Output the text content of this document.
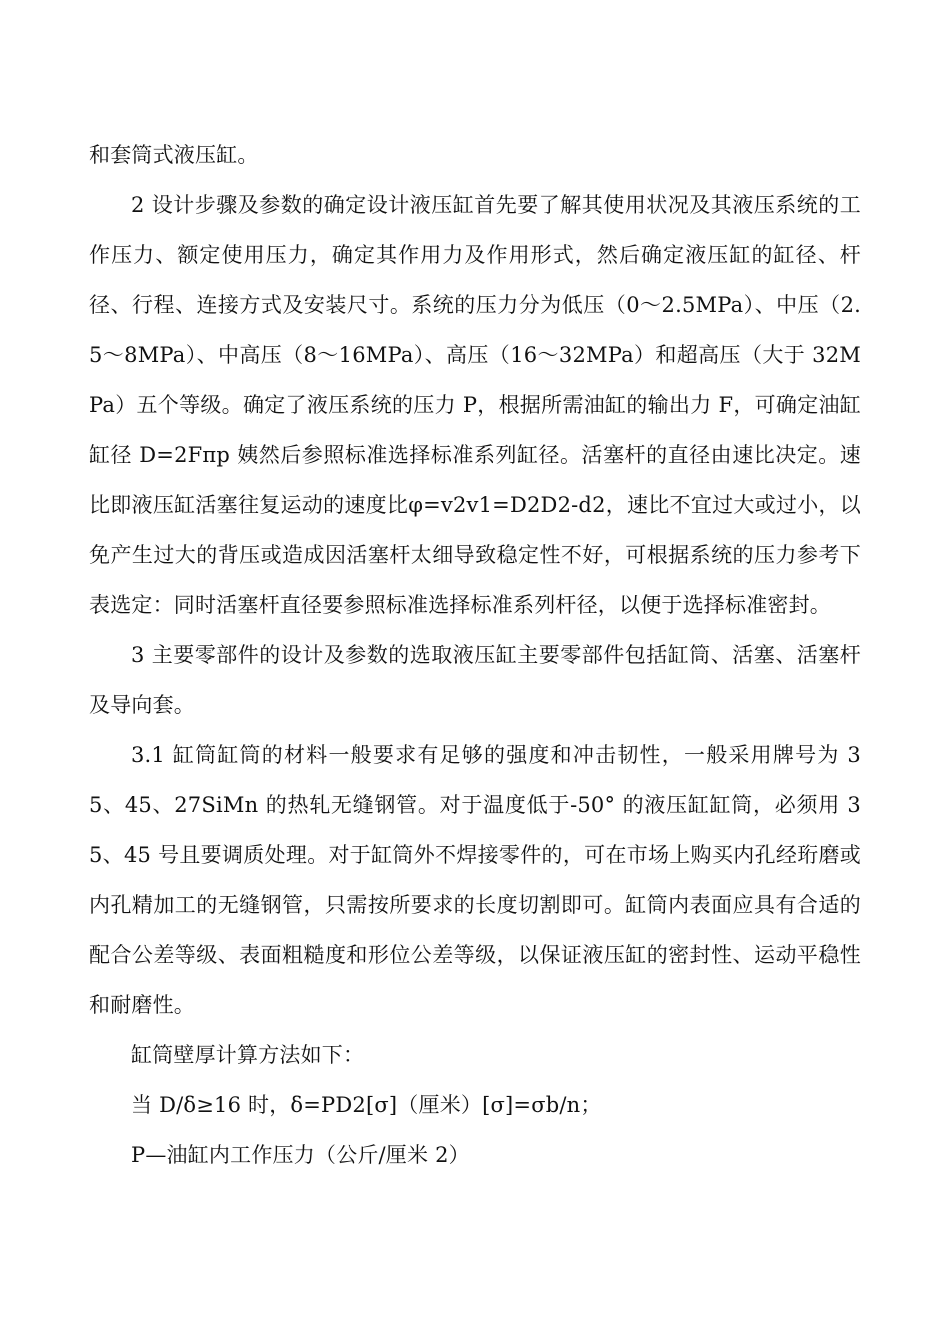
和套筒式液压缸。

2 设计步骤及参数的确定设计液压缸首先要了解其使用状况及其液压系统的工作压力、额定使用压力，确定其作用力及作用形式，然后确定液压缸的缸径、杆径、行程、连接方式及安装尺寸。系统的压力分为低压（0～2.5MPa）、中压（2.5～8MPa）、中高压（8～16MPa）、高压（16～32MPa）和超高压（大于 32MPa）五个等级。确定了液压系统的压力 P，根据所需油缸的输出力 F，可确定油缸缸径 D=2Fπp 姨然后参照标准选择标准系列缸径。活塞杆的直径由速比决定。速比即液压缸活塞往复运动的速度比φ=v2v1=D2D2-d2，速比不宜过大或过小，以免产生过大的背压或造成因活塞杆太细导致稳定性不好，可根据系统的压力参考下表选定：同时活塞杆直径要参照标准选择标准系列杆径，以便于选择标准密封。

3 主要零部件的设计及参数的选取液压缸主要零部件包括缸筒、活塞、活塞杆及导向套。

3.1 缸筒缸筒的材料一般要求有足够的强度和冲击韧性，一般采用牌号为 35、45、27SiMn 的热轧无缝钢管。对于温度低于-50° 的液压缸缸筒，必须用 35、45 号且要调质处理。对于缸筒外不焊接零件的，可在市场上购买内孔经珩磨或内孔精加工的无缝钢管，只需按所要求的长度切割即可。缸筒内表面应具有合适的配合公差等级、表面粗糙度和形位公差等级，以保证液压缸的密封性、运动平稳性和耐磨性。

缸筒壁厚计算方法如下：

当 D/δ≥16 时，δ=PD2[σ]（厘米）[σ]=σb/n；

P—油缸内工作压力（公斤/厘米 2）
